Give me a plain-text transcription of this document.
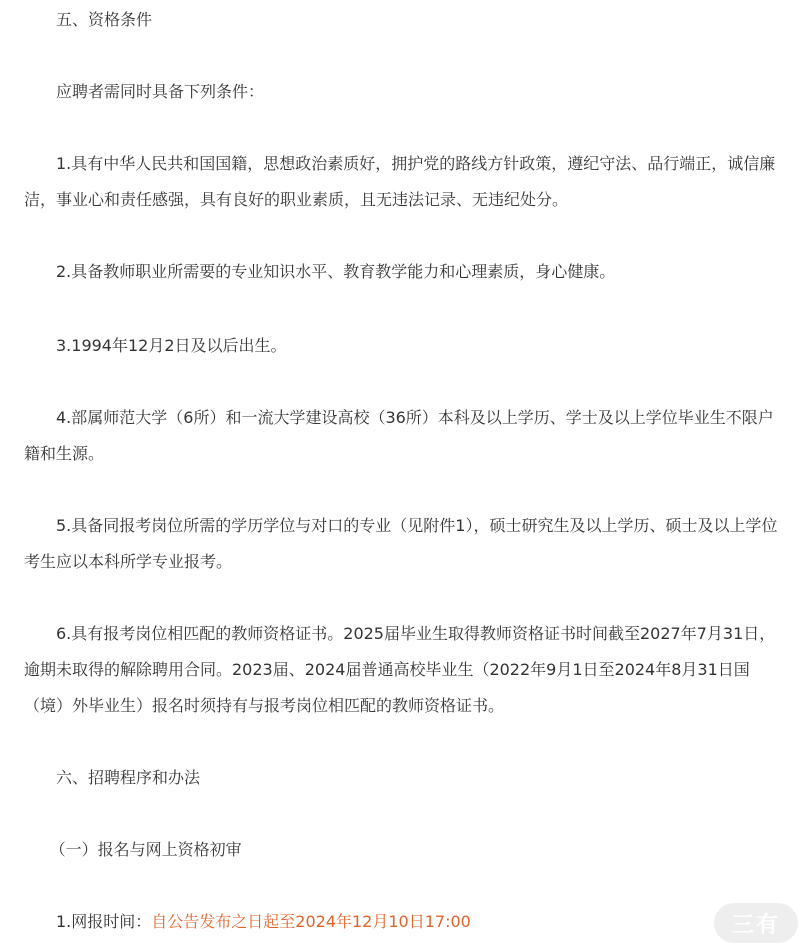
五、资格条件

应聘者需同时具备下列条件：

1.具有中华人民共和国国籍，思想政治素质好，拥护党的路线方针政策，遵纪守法、品行端正，诚信廉洁，事业心和责任感强，具有良好的职业素质，且无违法记录、无违纪处分。

2.具备教师职业所需要的专业知识水平、教育教学能力和心理素质，身心健康。

3.1994年12月2日及以后出生。

4.部属师范大学（6所）和一流大学建设高校（36所）本科及以上学历、学士及以上学位毕业生不限户籍和生源。

5.具备同报考岗位所需的学历学位与对口的专业（见附件1），硕士研究生及以上学历、硕士及以上学位考生应以本科所学专业报考。

6.具有报考岗位相匹配的教师资格证书。2025届毕业生取得教师资格证书时间截至2027年7月31日，逾期未取得的解除聘用合同。2023届、2024届普通高校毕业生（2022年9月1日至2024年8月31日国（境）外毕业生）报名时须持有与报考岗位相匹配的教师资格证书。

六、招聘程序和办法

（一）报名与网上资格初审

1.网报时间：自公告发布之日起至2024年12月10日17:00	三有
